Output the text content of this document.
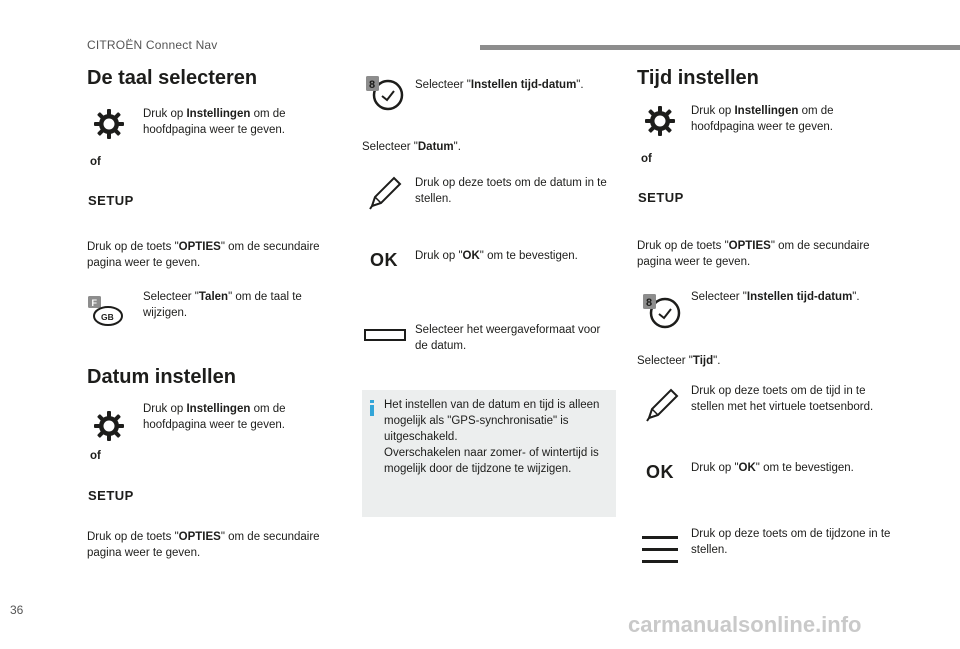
CITROËN Connect Nav
De taal selecteren
Druk op Instellingen om de hoofdpagina weer te geven.
of
SETUP
Druk op de toets "OPTIES" om de secundaire pagina weer te geven.
F
GB
Selecteer "Talen" om de taal te wijzigen.
Datum instellen
Druk op Instellingen om de hoofdpagina weer te geven.
of
SETUP
Druk op de toets "OPTIES" om de secundaire pagina weer te geven.
8	Selecteer "Instellen tijd-datum".
Selecteer "Datum".
Druk op deze toets om de datum in te stellen.
OK Druk op "OK" om te bevestigen.
Selecteer het weergaveformaat voor de datum.
Het instellen van de datum en tijd is alleen mogelijk als "GPS-synchronisatie" is uitgeschakeld.
Overschakelen naar zomer- of wintertijd is mogelijk door de tijdzone te wijzigen.
Tijd instellen
Druk op Instellingen om de hoofdpagina weer te geven.
of
SETUP
Druk op de toets "OPTIES" om de secundaire pagina weer te geven.
8	Selecteer "Instellen tijd-datum".
Selecteer "Tijd".
Druk op deze toets om de tijd in te stellen met het virtuele toetsenbord.
OK Druk op "OK" om te bevestigen.
Druk op deze toets om de tijdzone in te stellen.
36
carmanualsonline.info
